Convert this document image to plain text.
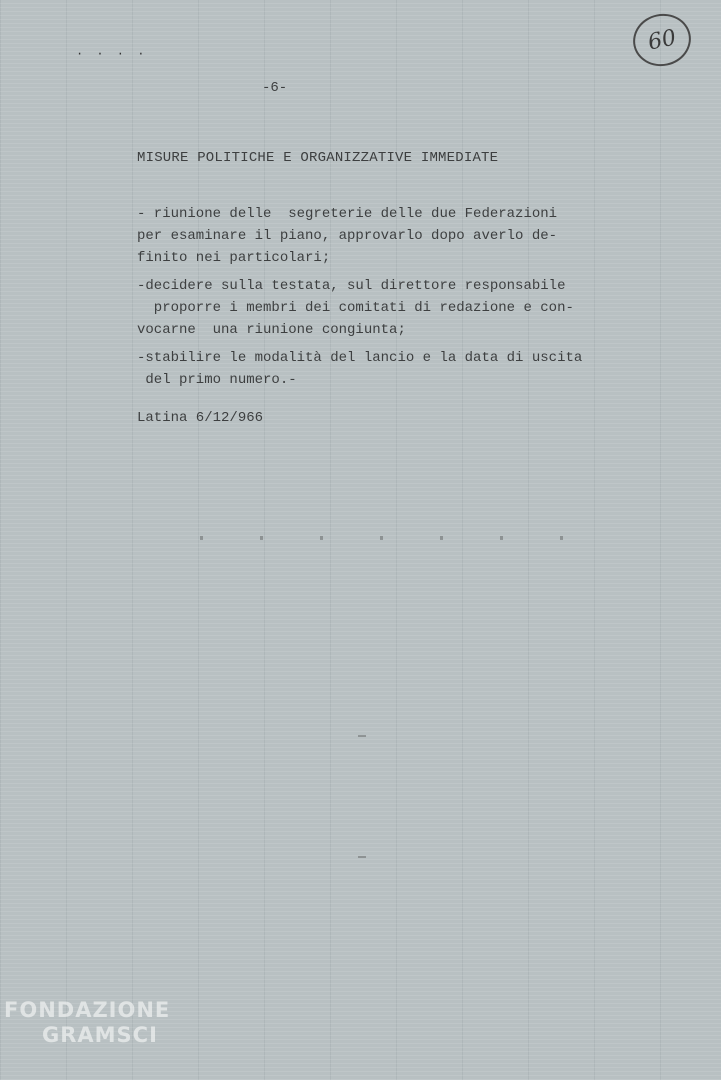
· · · ·	60
-6-
MISURE POLITICHE E ORGANIZZATIVE IMMEDIATE

- riunione delle  segreterie delle due Federazioni

per esaminare il piano, approvarlo dopo averlo de-

finito nei particolari;

-decidere sulla testata, sul direttore responsabile

proporre i membri dei comitati di redazione e con-

vocarne  una riunione congiunta;

-stabilire le modalità del lancio e la data di uscita

del primo numero.-

Latina 6/12/966

FONDAZIONE
GRAMSCI
